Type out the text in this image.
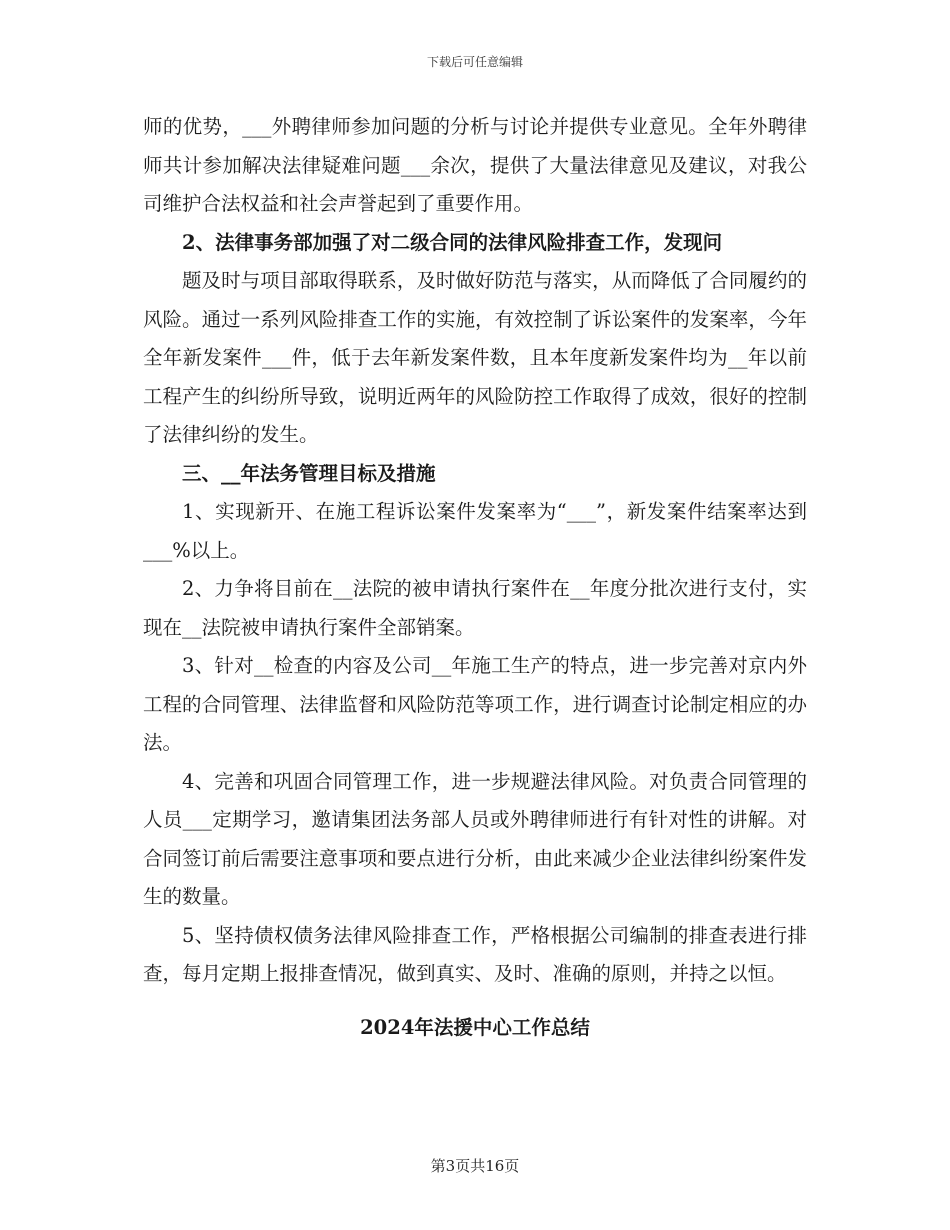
下载后可任意编辑

师的优势，___外聘律师参加问题的分析与讨论并提供专业意见。全年外聘律师共计参加解决法律疑难问题___余次，提供了大量法律意见及建议，对我公司维护合法权益和社会声誉起到了重要作用。

2、法律事务部加强了对二级合同的法律风险排查工作，发现问

题及时与项目部取得联系，及时做好防范与落实，从而降低了合同履约的风险。通过一系列风险排查工作的实施，有效控制了诉讼案件的发案率，今年全年新发案件___件，低于去年新发案件数，且本年度新发案件均为__年以前工程产生的纠纷所导致，说明近两年的风险防控工作取得了成效，很好的控制了法律纠纷的发生。

三、__年法务管理目标及措施

1、实现新开、在施工程诉讼案件发案率为“___”，新发案件结案率达到___%以上。

2、力争将目前在__法院的被申请执行案件在__年度分批次进行支付，实现在__法院被申请执行案件全部销案。

3、针对__检查的内容及公司__年施工生产的特点，进一步完善对京内外工程的合同管理、法律监督和风险防范等项工作，进行调查讨论制定相应的办法。

4、完善和巩固合同管理工作，进一步规避法律风险。对负责合同管理的人员___定期学习，邀请集团法务部人员或外聘律师进行有针对性的讲解。对合同签订前后需要注意事项和要点进行分析，由此来减少企业法律纠纷案件发生的数量。

5、坚持债权债务法律风险排查工作，严格根据公司编制的排查表进行排查，每月定期上报排查情况，做到真实、及时、准确的原则，并持之以恒。

2024年法援中心工作总结
第3页共16页
